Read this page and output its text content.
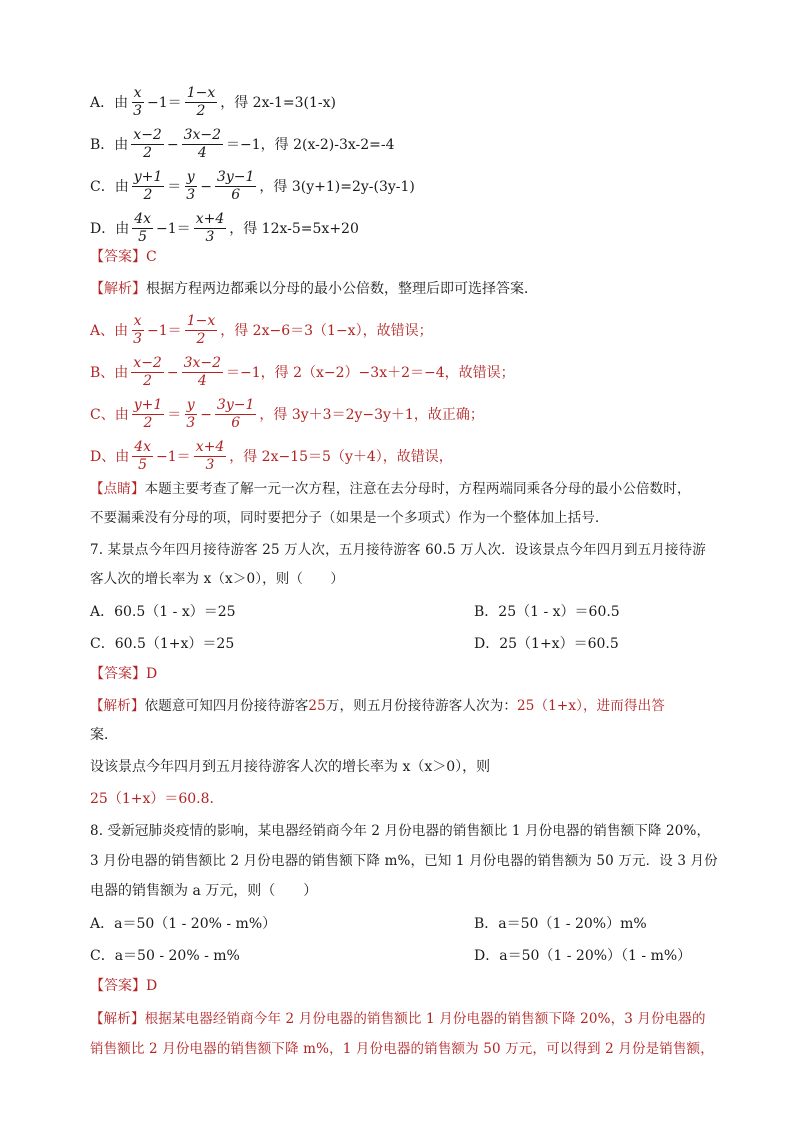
A．由 $\frac{x}{3} -1= \frac{1-x}{2}$ ，得 2x-1=3(1-x)
B．由 $\frac{x-2}{2} - \frac{3x-2}{4} =-1$，得 2(x-2)-3x-2=-4
C．由 $\frac{y+1}{2} = \frac{y}{3} - \frac{3y-1}{6}$ ，得 3(y+1)=2y-(3y-1)
D．由 $\frac{4x}{5} -1= \frac{x+4}{3}$ ，得 12x-5=5x+20
【答案】 C
【解析】 根据方程两边都乘以分母的最小公倍数，整理后即可选择答案．
A、由 $\frac{x}{3} -1= \frac{1-x}{2}$ ，得 2x−6＝3（1−x），故错误；
B、由 $\frac{x-2}{2} - \frac{3x-2}{4} =-1$，得 2（x−2）−3x＋2＝−4，故错误；
C、由 $\frac{y+1}{2} = \frac{y}{3} - \frac{3y-1}{6}$ ，得 3y＋3＝2y−3y＋1，故正确；
D、由 $\frac{4x}{5} -1= \frac{x+4}{3}$ ，得 2x−15＝5（y＋4），故错误，
【点睛】 本题主要考查了解一元一次方程，注意在去分母时，方程两端同乘各分母的最小公倍数时，
不要漏乘没有分母的项，同时要把分子（如果是一个多项式）作为一个整体加上括号．
7. 某景点今年四月接待游客 25 万人次，五月接待游客 60.5 万人次．设该景点今年四月到五月接待游
客人次的增长率为 x（x＞0），则（　　）
A．60.5（1 - x）＝25	B．25（1 - x）＝60.5
C．60.5（1+x）＝25	D．25（1+x）＝60.5
【答案】 D
【解析】 依题意可知四月份接待游客 25 万，则五月份接待游客人次为： 25（1+x），进而得出答
案．
设该景点今年四月到五月接待游客人次的增长率为 x（x＞0），则
25（1+x）＝60.8．
8. 受新冠肺炎疫情的影响，某电器经销商今年 2 月份电器的销售额比 1 月份电器的销售额下降 20%，
3 月份电器的销售额比 2 月份电器的销售额下降 m%，已知 1 月份电器的销售额为 50 万元．设 3 月份
电器的销售额为 a 万元，则（　　）
A．a＝50（1 - 20% - m%）	B．a＝50（1 - 20%）m%
C．a＝50 - 20% - m%	D．a＝50（1 - 20%）（1 - m%）
【答案】 D
【解析】 根据某电器经销商今年 2 月份电器的销售额比 1 月份电器的销售额下降 20%，3 月份电器的
销售额比 2 月份电器的销售额下降 m%，1 月份电器的销售额为 50 万元，可以得到 2 月份是销售额，
